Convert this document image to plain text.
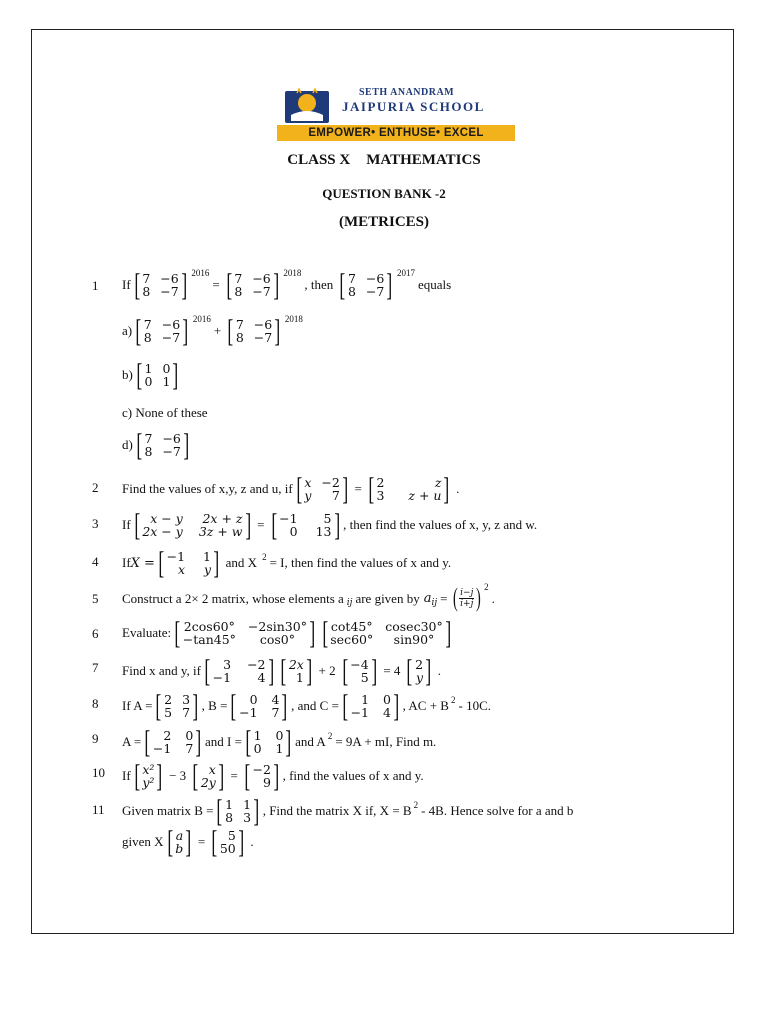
SETH ANANDRAM
JAIPURIA SCHOOL
EMPOWER• ENTHUSE• EXCEL
CLASS X MATHEMATICS
QUESTION BANK -2
(METRICES)
1 If [ 7 −6
8 −7 ] 2016
= [ 7 −6
8 −7 ] 2018
, then [ 7 −6
8 −7 ] 2017
equals
a) [ 7 −6
8 −7 ] 2016
+ [ 7 −6
8 −7 ] 2018
b) [ 1 0
0 1 ]
c) None of these
d) [ 7 −6
8 −7 ]
2 Find the values of x,y, z and u, if [ x −2
y	7 ] = [ 2	z
3 z + u ] .
3 If [ x − y 2x + z
2x − y 3z + w ] = [ −1	5
0 13 ] , then find the values of x, y, z and w.
4 If X = [ −1 1
x y ] and X 2 = I, then find the values of x and y.
5 Construct a 2× 2 matrix, whose elements a ij are given by a ij = ( $\frac{i-j}{i+j}$ ) 2
.
6 Evaluate: [ 2cos60° −2sin30°
−tan45°	cos0° ] [ cot45° cosec30°
sec60°	sin90° ]
7 Find x and y, if [	3 −2
−1	4 ] [ 2x
1 ] + 2 [ −4
5 ] = 4 [ 2
y ] .
8 If A = [ 2 3
5 7 ] , B = [	0 4
−1 7 ] , and C = [	1 0
−1 4 ] , AC + B 2 - 10C.
9 A = [	2 0
−1 7 ] and I = [ 1 0
0 1 ] and A 2 = 9A + mI, Find m.
10 If [ x²
y² ] − 3 [ x
2y ] = [ −2
9 ] , find the values of x and y.
11 Given matrix B = [ 1 1
8 3 ] , Find the matrix X if, X = B 2 - 4B. Hence solve for a and b
given X [ a
b ] = [ 5
50 ] .
